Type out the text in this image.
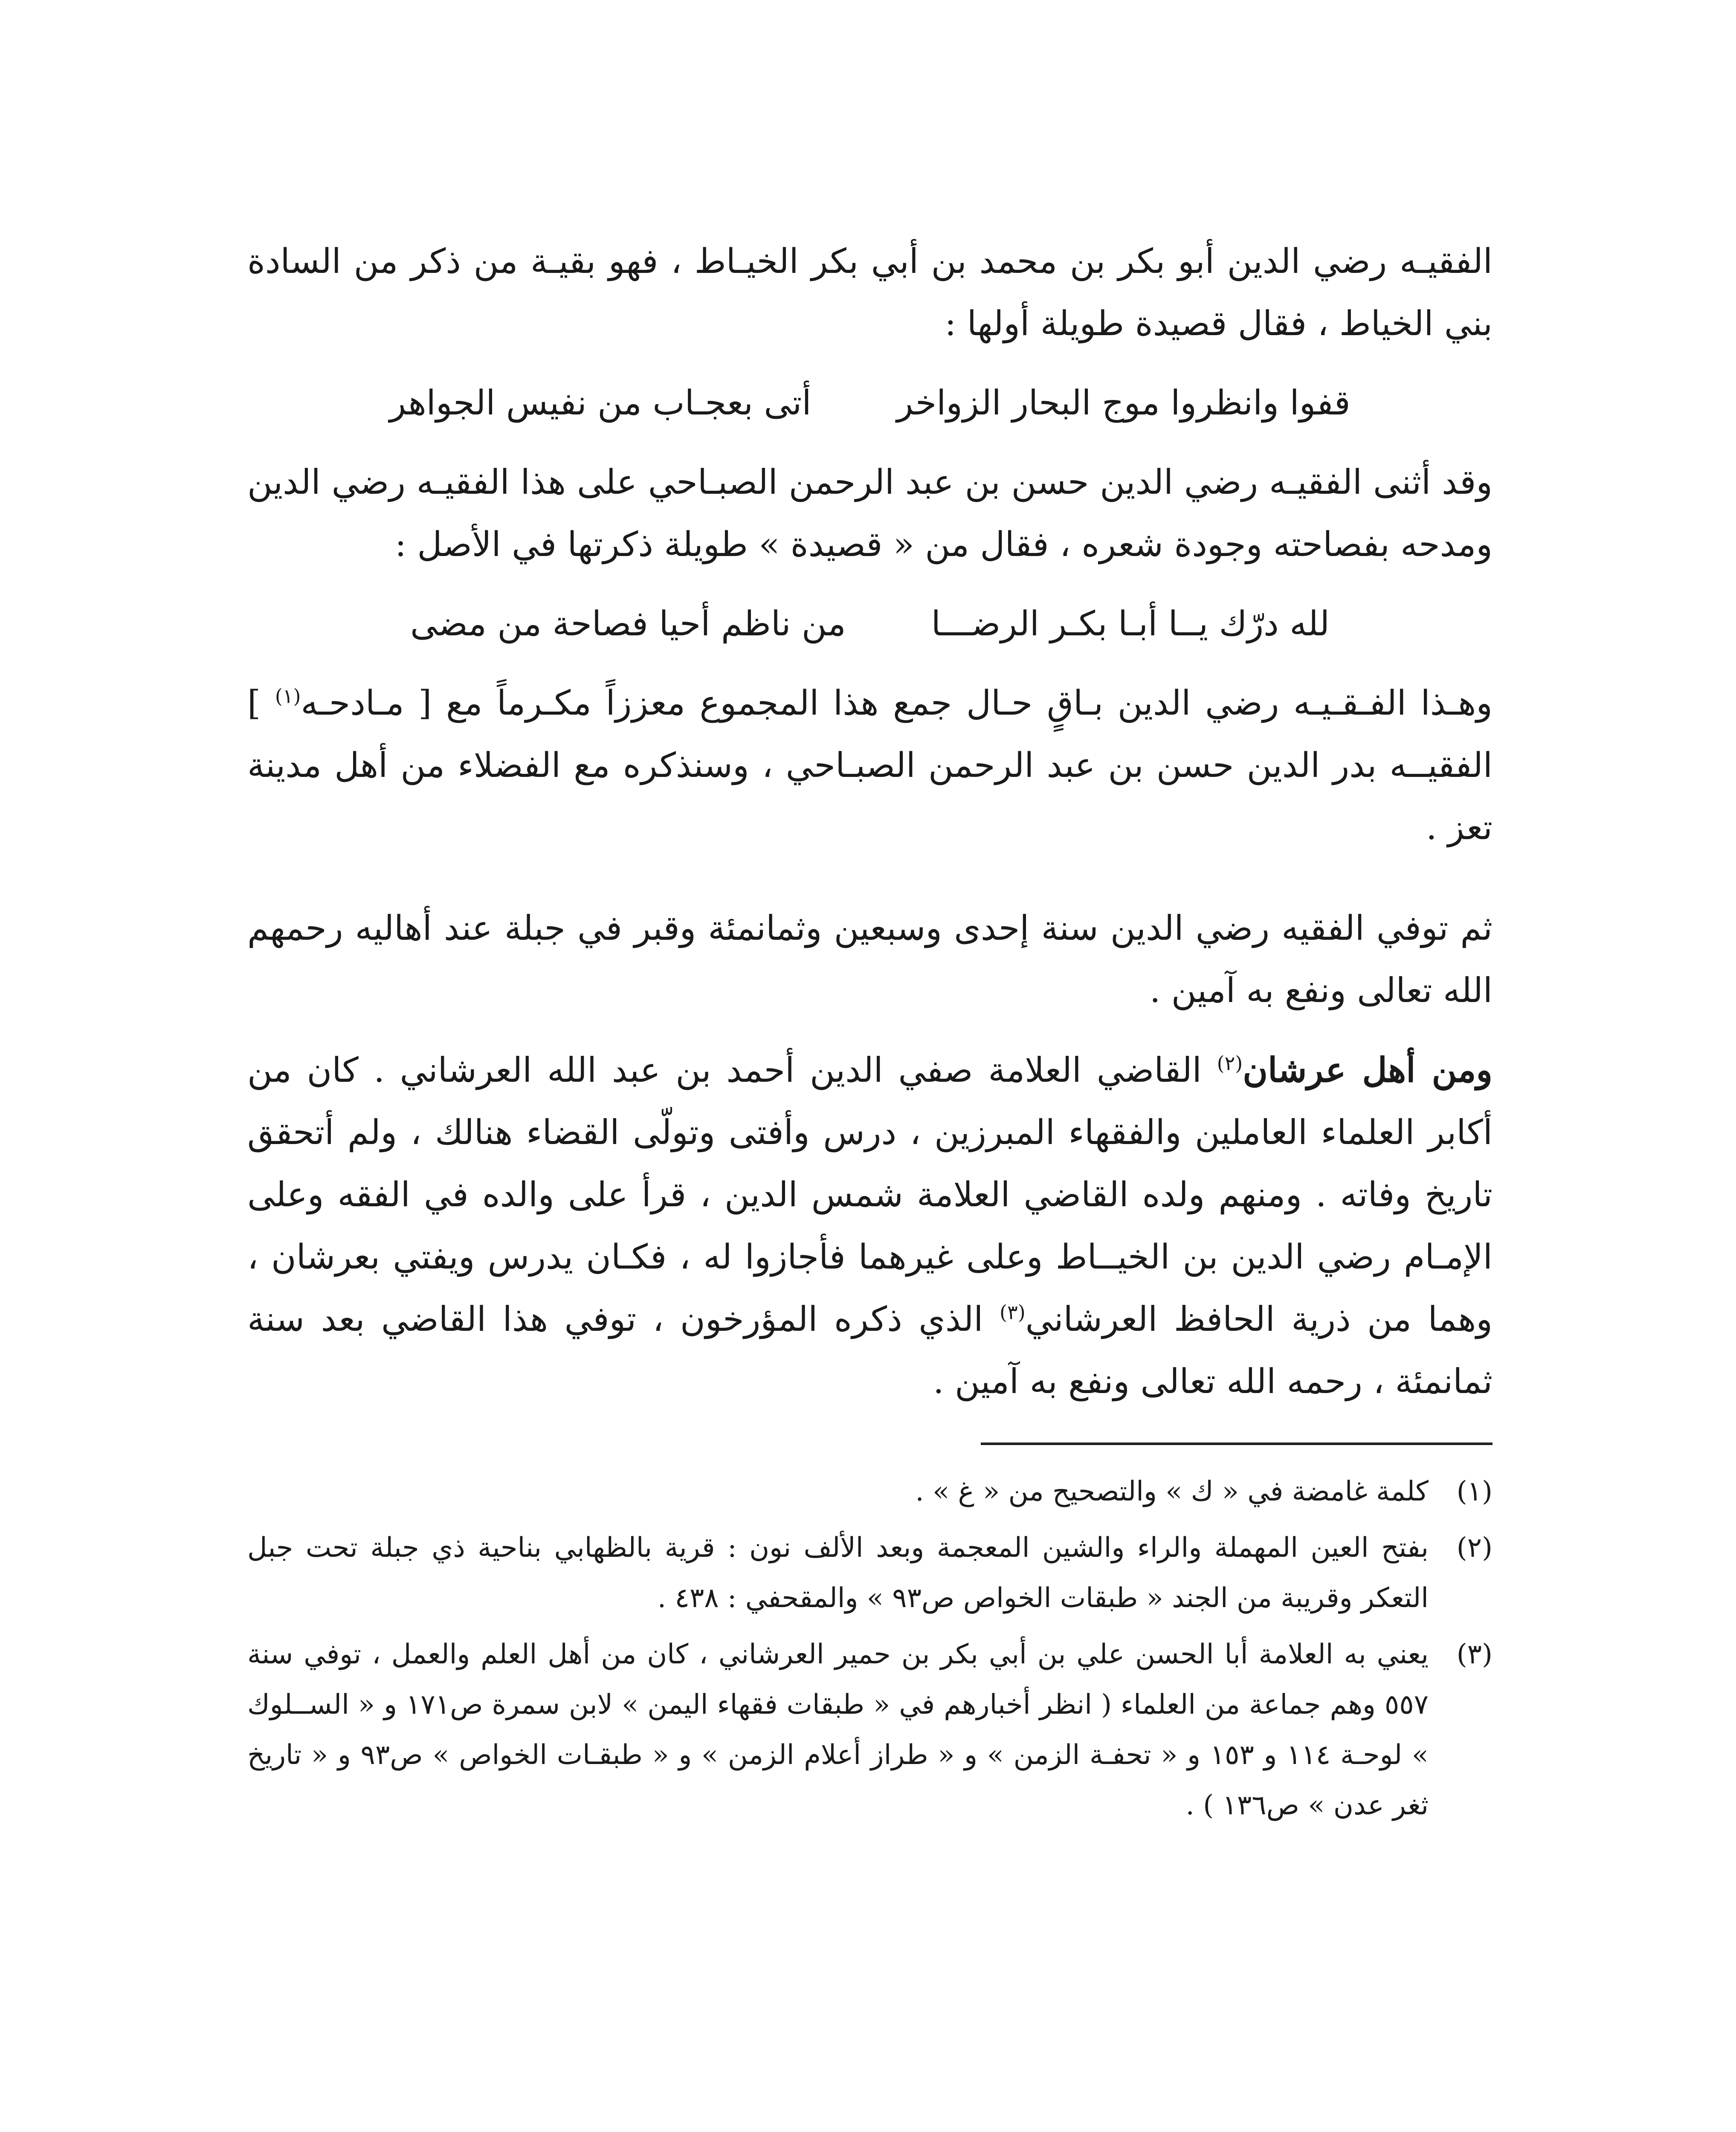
الفقيـه رضي الدين أبو بكر بن محمد بن أبي بكر الخيـاط ، فهو بقيـة من ذكر من السادة بني الخياط ، فقال قصيدة طويلة أولها :

قفوا وانظروا موج البحار الزواخر
أتى بعجـاب من نفيس الجواهر

وقد أثنى الفقيـه رضي الدين حسن بن عبد الرحمن الصبـاحي على هذا الفقيـه رضي الدين ومدحه بفصاحته وجودة شعره ، فقال من « قصيدة » طويلة ذكرتها في الأصل :

لله درّك يــا أبـا بكـر الرضـــا
من ناظم أحيا فصاحة من مضى

وهـذا الفـقـيـه رضي الدين بـاقٍ حـال جمع هذا المجموع معززاً مكـرماً مع [ مـادحـه$^{(١)}$ ] الفقيــه بدر الدين حسن بن عبد الرحمن الصبـاحي ، وسنذكره مع الفضلاء من أهل مدينة تعز .

ثم توفي الفقيه رضي الدين سنة إحدى وسبعين وثمانمئة وقبر في جبلة عند أهاليه رحمهم الله تعالى ونفع به آمين .

ومن أهل عرشان$^{(٢)}$ القاضي العلامة صفي الدين أحمد بن عبد الله العرشاني . كان من أكابر العلماء العاملين والفقهاء المبرزين ، درس وأفتى وتولّى القضاء هنالك ، ولم أتحقق تاريخ وفاته . ومنهم ولده القاضي العلامة شمس الدين ، قرأ على والده في الفقه وعلى الإمـام رضي الدين بن الخيــاط وعلى غيرهما فأجازوا له ، فكـان يدرس ويفتي بعرشان ، وهما من ذرية الحافظ العرشاني$^{(٣)}$ الذي ذكره المؤرخون ، توفي هذا القاضي بعد سنة ثمانمئة ، رحمه الله تعالى ونفع به آمين .

(١)
كلمة غامضة في « ك » والتصحيح من « غ » .
(٢)
بفتح العين المهملة والراء والشين المعجمة وبعد الألف نون : قرية بالظهابي بناحية ذي جبلة تحت جبل التعكر وقريبة من الجند « طبقات الخواص ص٩٣ » والمقحفي : ٤٣٨ .
(٣)
يعني به العلامة أبا الحسن علي بن أبي بكر بن حمير العرشاني ، كان من أهل العلم والعمل ، توفي سنة ٥٥٧ وهم جماعة من العلماء ( انظر أخبارهم في « طبقات فقهاء اليمن » لابن سمرة ص١٧١ و « الســلوك » لوحـة ١١٤ و ١٥٣ و « تحفـة الزمن » و « طراز أعلام الزمن » و « طبقـات الخواص » ص٩٣ و « تاريخ ثغر عدن » ص١٣٦ ) .
